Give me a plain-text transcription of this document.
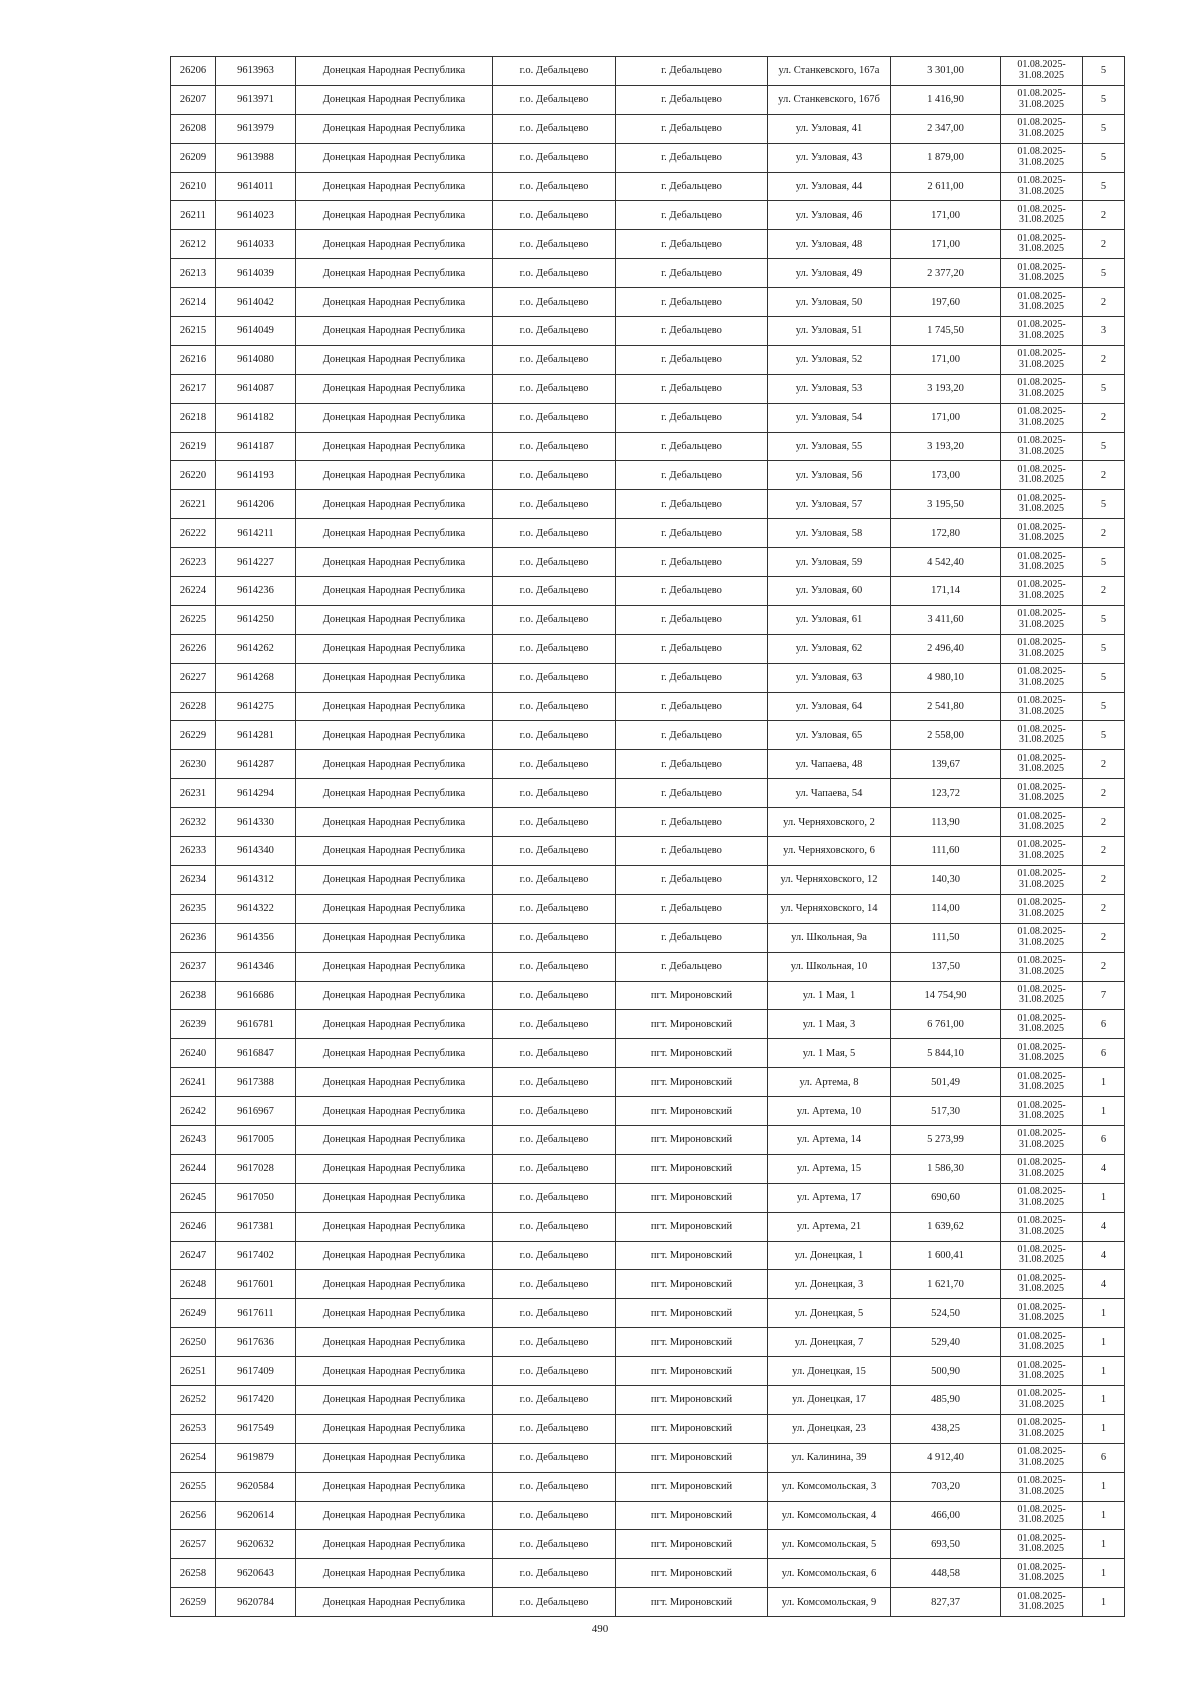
26206	9613963	Донецкая Народная Республика	г.о. Дебальцево	г. Дебальцево	ул. Станкевского, 167а	3 301,00	01.08.2025-
31.08.2025	5
26207	9613971	Донецкая Народная Республика	г.о. Дебальцево	г. Дебальцево	ул. Станкевского, 167б	1 416,90	01.08.2025-
31.08.2025	5
26208	9613979	Донецкая Народная Республика	г.о. Дебальцево	г. Дебальцево	ул. Узловая, 41	2 347,00	01.08.2025-
31.08.2025	5
26209	9613988	Донецкая Народная Республика	г.о. Дебальцево	г. Дебальцево	ул. Узловая, 43	1 879,00	01.08.2025-
31.08.2025	5
26210	9614011	Донецкая Народная Республика	г.о. Дебальцево	г. Дебальцево	ул. Узловая, 44	2 611,00	01.08.2025-
31.08.2025	5
26211	9614023	Донецкая Народная Республика	г.о. Дебальцево	г. Дебальцево	ул. Узловая, 46	171,00	01.08.2025-
31.08.2025	2
26212	9614033	Донецкая Народная Республика	г.о. Дебальцево	г. Дебальцево	ул. Узловая, 48	171,00	01.08.2025-
31.08.2025	2
26213	9614039	Донецкая Народная Республика	г.о. Дебальцево	г. Дебальцево	ул. Узловая, 49	2 377,20	01.08.2025-
31.08.2025	5
26214	9614042	Донецкая Народная Республика	г.о. Дебальцево	г. Дебальцево	ул. Узловая, 50	197,60	01.08.2025-
31.08.2025	2
26215	9614049	Донецкая Народная Республика	г.о. Дебальцево	г. Дебальцево	ул. Узловая, 51	1 745,50	01.08.2025-
31.08.2025	3
26216	9614080	Донецкая Народная Республика	г.о. Дебальцево	г. Дебальцево	ул. Узловая, 52	171,00	01.08.2025-
31.08.2025	2
26217	9614087	Донецкая Народная Республика	г.о. Дебальцево	г. Дебальцево	ул. Узловая, 53	3 193,20	01.08.2025-
31.08.2025	5
26218	9614182	Донецкая Народная Республика	г.о. Дебальцево	г. Дебальцево	ул. Узловая, 54	171,00	01.08.2025-
31.08.2025	2
26219	9614187	Донецкая Народная Республика	г.о. Дебальцево	г. Дебальцево	ул. Узловая, 55	3 193,20	01.08.2025-
31.08.2025	5
26220	9614193	Донецкая Народная Республика	г.о. Дебальцево	г. Дебальцево	ул. Узловая, 56	173,00	01.08.2025-
31.08.2025	2
26221	9614206	Донецкая Народная Республика	г.о. Дебальцево	г. Дебальцево	ул. Узловая, 57	3 195,50	01.08.2025-
31.08.2025	5
26222	9614211	Донецкая Народная Республика	г.о. Дебальцево	г. Дебальцево	ул. Узловая, 58	172,80	01.08.2025-
31.08.2025	2
26223	9614227	Донецкая Народная Республика	г.о. Дебальцево	г. Дебальцево	ул. Узловая, 59	4 542,40	01.08.2025-
31.08.2025	5
26224	9614236	Донецкая Народная Республика	г.о. Дебальцево	г. Дебальцево	ул. Узловая, 60	171,14	01.08.2025-
31.08.2025	2
26225	9614250	Донецкая Народная Республика	г.о. Дебальцево	г. Дебальцево	ул. Узловая, 61	3 411,60	01.08.2025-
31.08.2025	5
26226	9614262	Донецкая Народная Республика	г.о. Дебальцево	г. Дебальцево	ул. Узловая, 62	2 496,40	01.08.2025-
31.08.2025	5
26227	9614268	Донецкая Народная Республика	г.о. Дебальцево	г. Дебальцево	ул. Узловая, 63	4 980,10	01.08.2025-
31.08.2025	5
26228	9614275	Донецкая Народная Республика	г.о. Дебальцево	г. Дебальцево	ул. Узловая, 64	2 541,80	01.08.2025-
31.08.2025	5
26229	9614281	Донецкая Народная Республика	г.о. Дебальцево	г. Дебальцево	ул. Узловая, 65	2 558,00	01.08.2025-
31.08.2025	5
26230	9614287	Донецкая Народная Республика	г.о. Дебальцево	г. Дебальцево	ул. Чапаева, 48	139,67	01.08.2025-
31.08.2025	2
26231	9614294	Донецкая Народная Республика	г.о. Дебальцево	г. Дебальцево	ул. Чапаева, 54	123,72	01.08.2025-
31.08.2025	2
26232	9614330	Донецкая Народная Республика	г.о. Дебальцево	г. Дебальцево	ул. Черняховского, 2	113,90	01.08.2025-
31.08.2025	2
26233	9614340	Донецкая Народная Республика	г.о. Дебальцево	г. Дебальцево	ул. Черняховского, 6	111,60	01.08.2025-
31.08.2025	2
26234	9614312	Донецкая Народная Республика	г.о. Дебальцево	г. Дебальцево	ул. Черняховского, 12	140,30	01.08.2025-
31.08.2025	2
26235	9614322	Донецкая Народная Республика	г.о. Дебальцево	г. Дебальцево	ул. Черняховского, 14	114,00	01.08.2025-
31.08.2025	2
26236	9614356	Донецкая Народная Республика	г.о. Дебальцево	г. Дебальцево	ул. Школьная, 9а	111,50	01.08.2025-
31.08.2025	2
26237	9614346	Донецкая Народная Республика	г.о. Дебальцево	г. Дебальцево	ул. Школьная, 10	137,50	01.08.2025-
31.08.2025	2
26238	9616686	Донецкая Народная Республика	г.о. Дебальцево	пгт. Мироновский	ул. 1 Мая, 1	14 754,90	01.08.2025-
31.08.2025	7
26239	9616781	Донецкая Народная Республика	г.о. Дебальцево	пгт. Мироновский	ул. 1 Мая, 3	6 761,00	01.08.2025-
31.08.2025	6
26240	9616847	Донецкая Народная Республика	г.о. Дебальцево	пгт. Мироновский	ул. 1 Мая, 5	5 844,10	01.08.2025-
31.08.2025	6
26241	9617388	Донецкая Народная Республика	г.о. Дебальцево	пгт. Мироновский	ул. Артема, 8	501,49	01.08.2025-
31.08.2025	1
26242	9616967	Донецкая Народная Республика	г.о. Дебальцево	пгт. Мироновский	ул. Артема, 10	517,30	01.08.2025-
31.08.2025	1
26243	9617005	Донецкая Народная Республика	г.о. Дебальцево	пгт. Мироновский	ул. Артема, 14	5 273,99	01.08.2025-
31.08.2025	6
26244	9617028	Донецкая Народная Республика	г.о. Дебальцево	пгт. Мироновский	ул. Артема, 15	1 586,30	01.08.2025-
31.08.2025	4
26245	9617050	Донецкая Народная Республика	г.о. Дебальцево	пгт. Мироновский	ул. Артема, 17	690,60	01.08.2025-
31.08.2025	1
26246	9617381	Донецкая Народная Республика	г.о. Дебальцево	пгт. Мироновский	ул. Артема, 21	1 639,62	01.08.2025-
31.08.2025	4
26247	9617402	Донецкая Народная Республика	г.о. Дебальцево	пгт. Мироновский	ул. Донецкая, 1	1 600,41	01.08.2025-
31.08.2025	4
26248	9617601	Донецкая Народная Республика	г.о. Дебальцево	пгт. Мироновский	ул. Донецкая, 3	1 621,70	01.08.2025-
31.08.2025	4
26249	9617611	Донецкая Народная Республика	г.о. Дебальцево	пгт. Мироновский	ул. Донецкая, 5	524,50	01.08.2025-
31.08.2025	1
26250	9617636	Донецкая Народная Республика	г.о. Дебальцево	пгт. Мироновский	ул. Донецкая, 7	529,40	01.08.2025-
31.08.2025	1
26251	9617409	Донецкая Народная Республика	г.о. Дебальцево	пгт. Мироновский	ул. Донецкая, 15	500,90	01.08.2025-
31.08.2025	1
26252	9617420	Донецкая Народная Республика	г.о. Дебальцево	пгт. Мироновский	ул. Донецкая, 17	485,90	01.08.2025-
31.08.2025	1
26253	9617549	Донецкая Народная Республика	г.о. Дебальцево	пгт. Мироновский	ул. Донецкая, 23	438,25	01.08.2025-
31.08.2025	1
26254	9619879	Донецкая Народная Республика	г.о. Дебальцево	пгт. Мироновский	ул. Калинина, 39	4 912,40	01.08.2025-
31.08.2025	6
26255	9620584	Донецкая Народная Республика	г.о. Дебальцево	пгт. Мироновский	ул. Комсомольская, 3	703,20	01.08.2025-
31.08.2025	1
26256	9620614	Донецкая Народная Республика	г.о. Дебальцево	пгт. Мироновский	ул. Комсомольская, 4	466,00	01.08.2025-
31.08.2025	1
26257	9620632	Донецкая Народная Республика	г.о. Дебальцево	пгт. Мироновский	ул. Комсомольская, 5	693,50	01.08.2025-
31.08.2025	1
26258	9620643	Донецкая Народная Республика	г.о. Дебальцево	пгт. Мироновский	ул. Комсомольская, 6	448,58	01.08.2025-
31.08.2025	1
26259	9620784	Донецкая Народная Республика	г.о. Дебальцево	пгт. Мироновский	ул. Комсомольская, 9	827,37	01.08.2025-
31.08.2025	1
490
